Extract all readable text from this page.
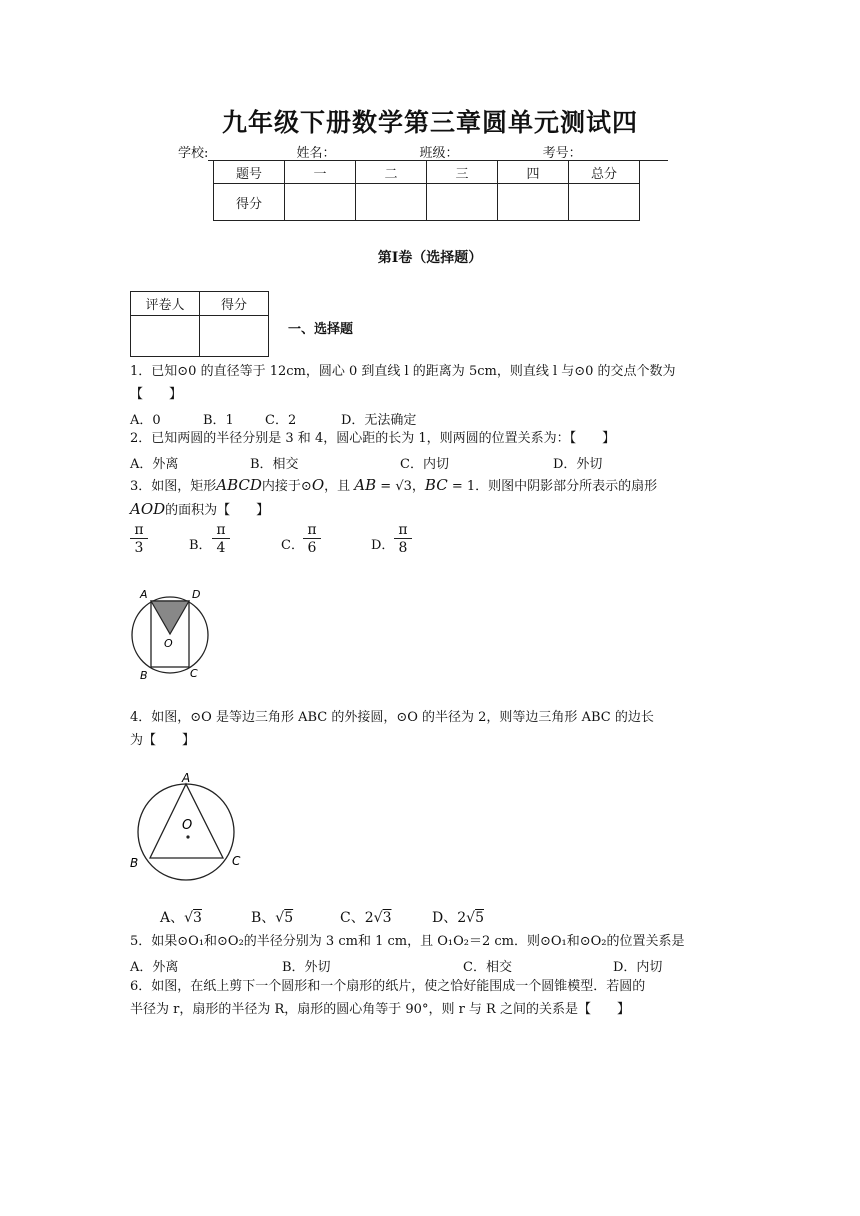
九年级下册数学第三章圆单元测试四
学校:	姓名：	班级：	考号：
题号	一	二	三	四	总分
得分					
第Ⅰ卷（选择题）
评卷人	得分

一、选择题
1．已知⊙0 的直径等于 12cm，圆心 0 到直线 l 的距离为 5cm，则直线 l 与⊙0 的交点个数为
【　　】
A．0	B．1 C．2	D．无法确定
2．已知两圆的半径分别是 3 和 4，圆心距的长为 1，则两圆的位置关系为：【　　】
A．外离	B．相交	C．内切	D．外切
3．如图，矩形ABCD内接于⊙O，且 AB = √3，BC = 1．则图中阴影部分所表示的扇形
AOD的面积为【　　】
$\frac{\pi}{3}$	B． $\frac{\pi}{4}$	C． $\frac{\pi}{6}$	D． $\frac{\pi}{8}$
A	D
O
B	C
4．如图，⊙O 是等边三角形 ABC 的外接圆，⊙O 的半径为 2，则等边三角形 ABC 的边长
为【　　】
A
O
B	C
A、√3	B、√5	C、2√3	D、2√5
5．如果⊙O₁和⊙O₂的半径分别为 3 cm和 1 cm，且 O₁O₂＝2 cm．则⊙O₁和⊙O₂的位置关系是
A．外离	B．外切	C．相交	D．内切
6．如图，在纸上剪下一个圆形和一个扇形的纸片，使之恰好能围成一个圆锥模型．若圆的
半径为 r，扇形的半径为 R，扇形的圆心角等于 90°，则 r 与 R 之间的关系是【　　】
